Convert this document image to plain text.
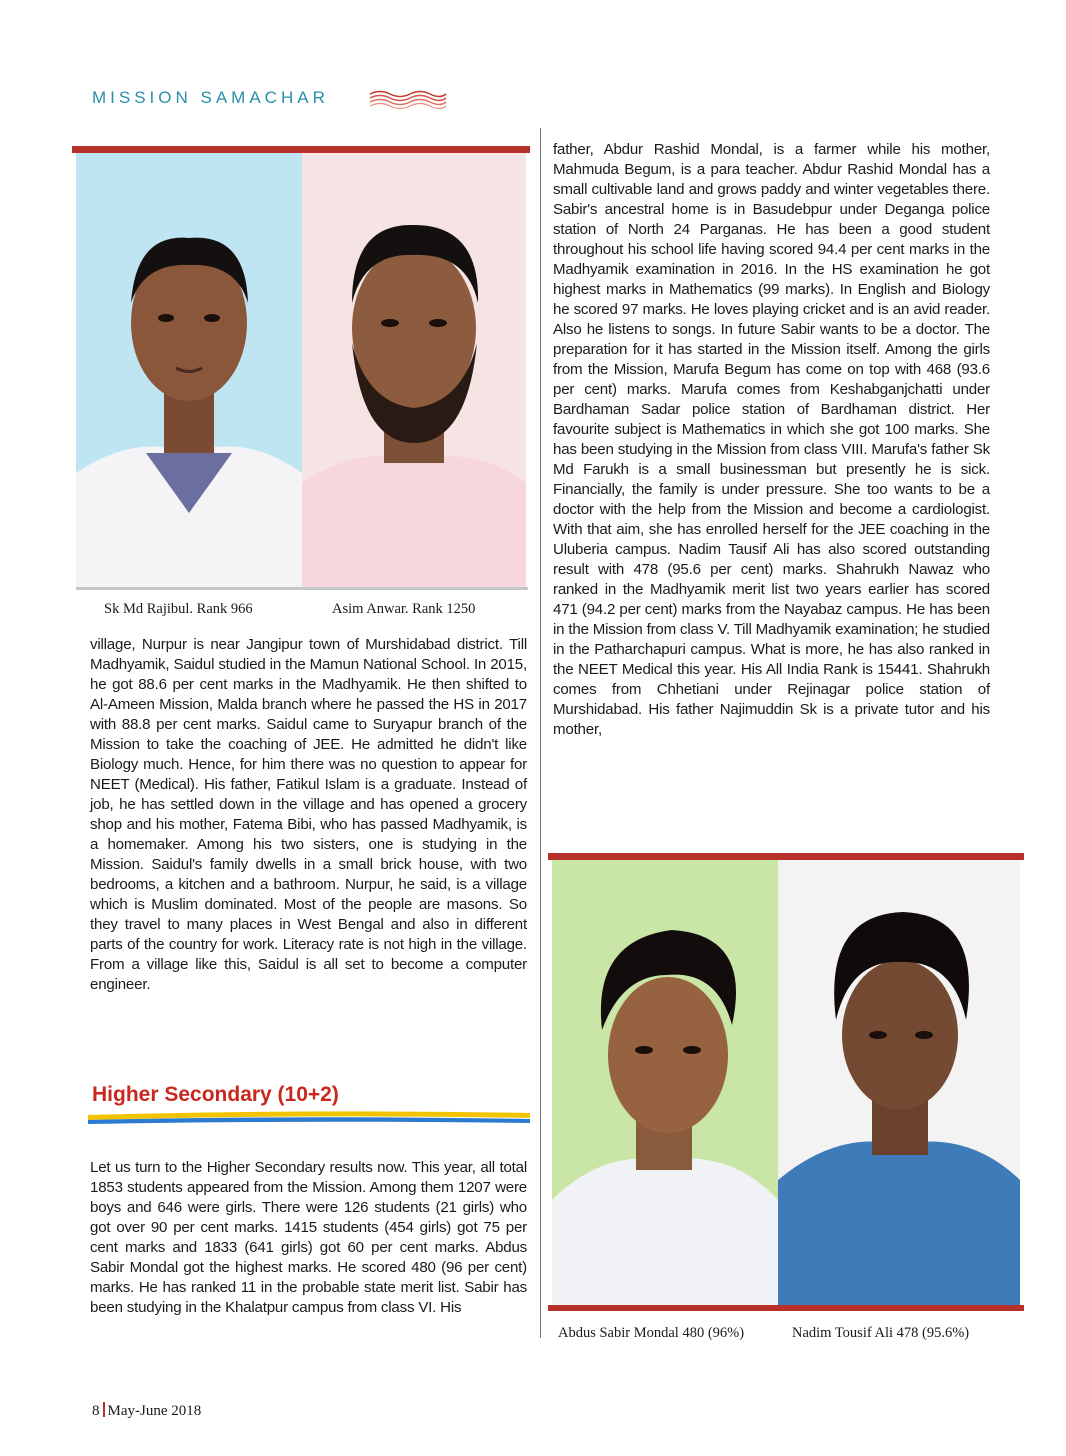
MISSION SAMACHAR
Sk Md Rajibul. Rank 966	Asim Anwar. Rank 1250

village, Nurpur is near Jangipur town of Murshidabad district. Till Madhyamik, Saidul studied in the Mamun National School. In 2015, he got 88.6 per cent marks in the Madhyamik. He then shifted to Al-Ameen Mission, Malda branch where he passed the HS in 2017 with 88.8 per cent marks. Saidul came to Suryapur branch of the Mission to take the coaching of JEE. He admitted he didn't like Biology much. Hence, for him there was no question to appear for NEET (Medical). His father, Fatikul Islam is a graduate. Instead of job, he has settled down in the village and has opened a grocery shop and his mother, Fatema Bibi, who has passed Madhyamik, is a homemaker. Among his two sisters, one is studying in the Mission. Saidul's family dwells in a small brick house, with two bedrooms, a kitchen and a bathroom. Nurpur, he said, is a village which is Muslim dominated. Most of the people are masons. So they travel to many places in West Bengal and also in different parts of the country for work. Literacy rate is not high in the village. From a village like this, Saidul is all set to become a computer engineer.

Higher Secondary (10+2)

Let us turn to the Higher Secondary results now. This year, all total 1853 students appeared from the Mission. Among them 1207 were boys and 646 were girls. There were 126 students (21 girls) who got over 90 per cent marks. 1415 students (454 girls) got 75 per cent marks and 1833 (641 girls) got 60 per cent marks. Abdus Sabir Mondal got the highest marks. He scored 480 (96 per cent) marks. He has ranked 11 in the probable state merit list. Sabir has been studying in the Khalatpur campus from class VI. His

father, Abdur Rashid Mondal, is a farmer while his mother, Mahmuda Begum, is a para teacher. Abdur Rashid Mondal has a small cultivable land and grows paddy and winter vegetables there. Sabir's ancestral home is in Basudebpur under Deganga police station of North 24 Parganas. He has been a good student throughout his school life having scored 94.4 per cent marks in the Madhyamik examination in 2016. In the HS examination he got highest marks in Mathematics (99 marks). In English and Biology he scored 97 marks. He loves playing cricket and is an avid reader. Also he listens to songs. In future Sabir wants to be a doctor. The preparation for it has started in the Mission itself. Among the girls from the Mission, Marufa Begum has come on top with 468 (93.6 per cent) marks. Marufa comes from Keshabganjchatti under Bardhaman Sadar police station of Bardhaman district. Her favourite subject is Mathematics in which she got 100 marks. She has been studying in the Mission from class VIII. Marufa's father Sk Md Farukh is a small businessman but presently he is sick. Financially, the family is under pressure. She too wants to be a doctor with the help from the Mission and become a cardiologist. With that aim, she has enrolled herself for the JEE coaching in the Uluberia campus. Nadim Tausif Ali has also scored outstanding result with 478 (95.6 per cent) marks. Shahrukh Nawaz who ranked in the Madhyamik merit list two years earlier has scored 471 (94.2 per cent) marks from the Nayabaz campus. He has been in the Mission from class V. Till Madhyamik examination; he studied in the Patharchapuri campus. What is more, he has also ranked in the NEET Medical this year. His All India Rank is 15441. Shahrukh comes from Chhetiani under Rejinagar police station of Murshidabad. His father Najimuddin Sk is a private tutor and his mother,

Abdus Sabir Mondal 480 (96%)	Nadim Tousif Ali 478 (95.6%)
8 May-June 2018
